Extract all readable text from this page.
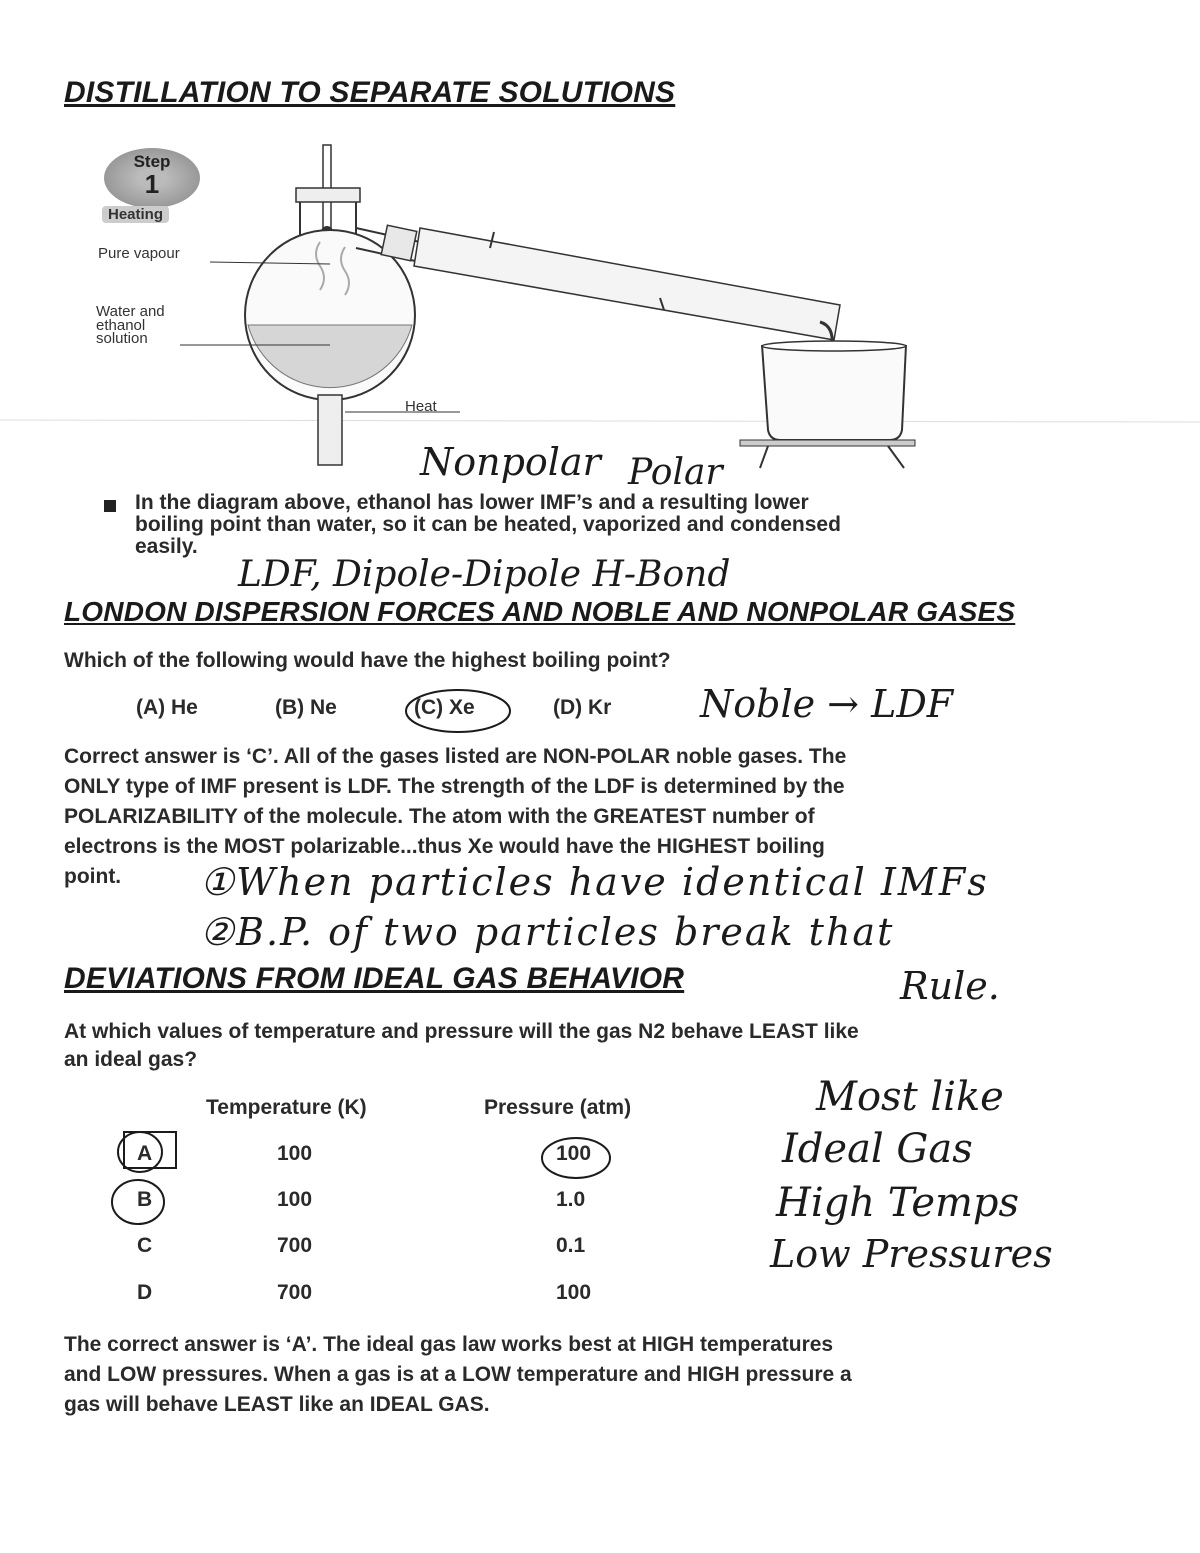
DISTILLATION TO SEPARATE SOLUTIONS
Step
1
Heating
Pure vapour
Water and
ethanol
solution
Heat
Nonpolar Polar
In the diagram above, ethanol has lower IMF’s and a resulting lower
boiling point than water, so it can be heated, vaporized and condensed
easily.
LDF, Dipole-Dipole H-Bond
LONDON DISPERSION FORCES AND NOBLE AND NONPOLAR GASES
Which of the following would have the highest boiling point?
(A) He	(B) Ne	(C) Xe	(D) Kr Noble → LDF
Correct answer is ‘C’. All of the gases listed are NON-POLAR noble gases. The
ONLY type of IMF present is LDF. The strength of the LDF is determined by the
POLARIZABILITY of the molecule. The atom with the GREATEST number of
electrons is the MOST polarizable...thus Xe would have the HIGHEST boiling
point.	①When particles have identical IMFs
②B.P. of two particles break that
DEVIATIONS FROM IDEAL GAS BEHAVIOR	Rule.
At which values of temperature and pressure will the gas N2 behave LEAST like
an ideal gas?
Temperature (K)	Pressure (atm)
A	100	100
B	100	1.0
C	700	0.1
D	700	100
Most like
Ideal Gas
High Temps
Low Pressures
The correct answer is ‘A’. The ideal gas law works best at HIGH temperatures
and LOW pressures. When a gas is at a LOW temperature and HIGH pressure a
gas will behave LEAST like an IDEAL GAS.
